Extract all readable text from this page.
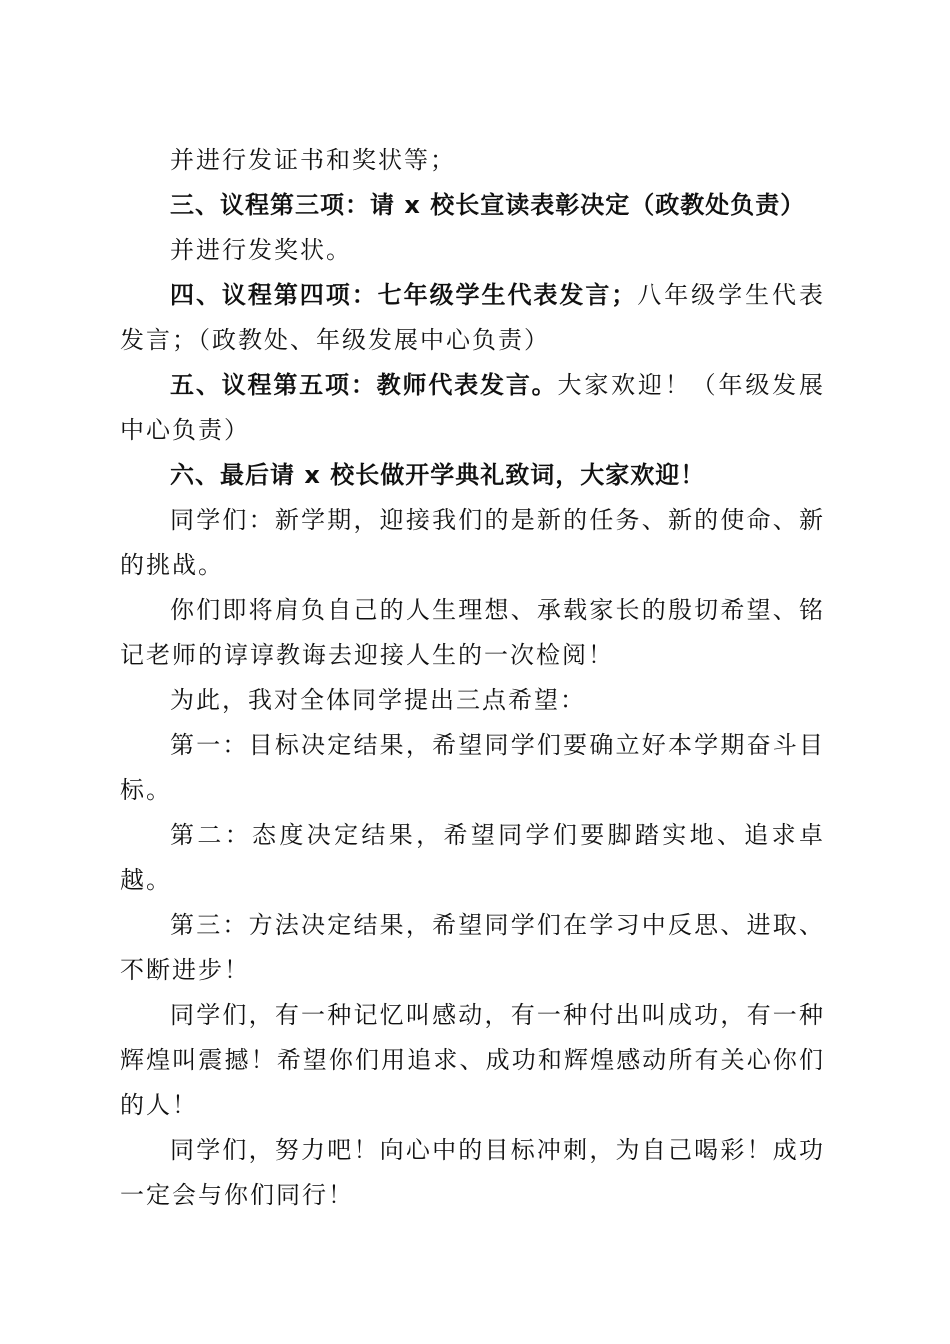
并进行发证书和奖状等；

三、议程第三项：请 x 校长宣读表彰决定（政教处负责）

并进行发奖状。

四、议程第四项：七年级学生代表发言；八年级学生代表发言；（政教处、年级发展中心负责）

五、议程第五项：教师代表发言。大家欢迎！（年级发展中心负责）

六、最后请 x 校长做开学典礼致词，大家欢迎！

同学们：新学期，迎接我们的是新的任务、新的使命、新的挑战。

你们即将肩负自己的人生理想、承载家长的殷切希望、铭记老师的谆谆教诲去迎接人生的一次检阅！

为此，我对全体同学提出三点希望：

第一：目标决定结果，希望同学们要确立好本学期奋斗目标。

第二：态度决定结果，希望同学们要脚踏实地、追求卓越。

第三：方法决定结果，希望同学们在学习中反思、进取、不断进步！

同学们，有一种记忆叫感动，有一种付出叫成功，有一种辉煌叫震撼！希望你们用追求、成功和辉煌感动所有关心你们的人！

同学们，努力吧！向心中的目标冲刺，为自己喝彩！成功一定会与你们同行！
